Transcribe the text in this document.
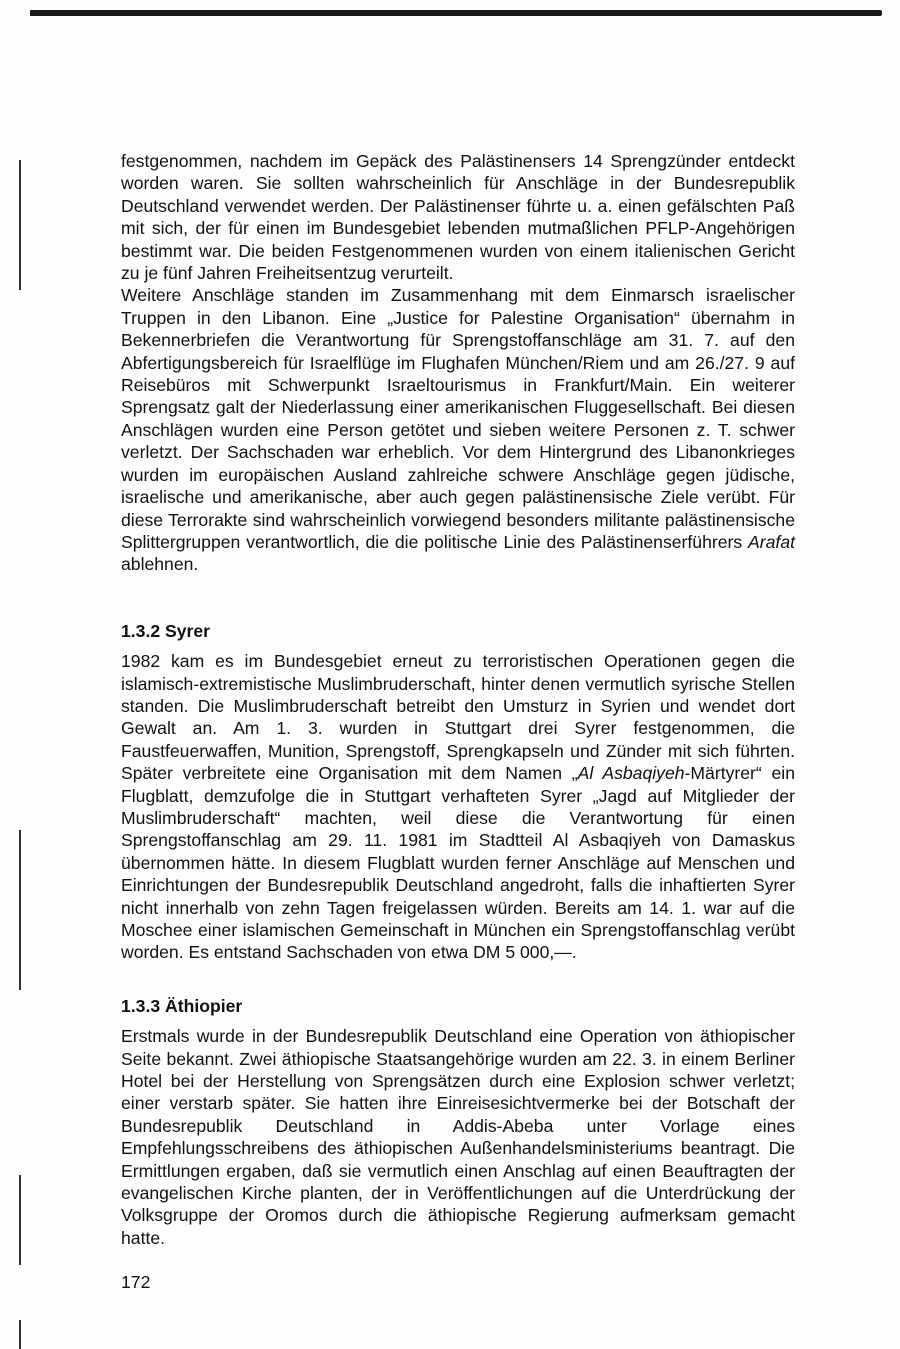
festgenommen, nachdem im Gepäck des Palästinensers 14 Sprengzünder entdeckt worden waren. Sie sollten wahrscheinlich für Anschläge in der Bundesrepublik Deutschland verwendet werden. Der Palästinenser führte u. a. einen gefälschten Paß mit sich, der für einen im Bundesgebiet lebenden mutmaßlichen PFLP-Angehörigen bestimmt war. Die beiden Festgenommenen wurden von einem italienischen Gericht zu je fünf Jahren Freiheitsentzug verurteilt.

Weitere Anschläge standen im Zusammenhang mit dem Einmarsch israelischer Truppen in den Libanon. Eine „Justice for Palestine Organisation“ übernahm in Bekennerbriefen die Verantwortung für Sprengstoffanschläge am 31. 7. auf den Abfertigungsbereich für Israelflüge im Flughafen München/Riem und am 26./27. 9 auf Reisebüros mit Schwerpunkt Israeltourismus in Frankfurt/Main. Ein weiterer Sprengsatz galt der Niederlassung einer amerikanischen Fluggesellschaft. Bei diesen Anschlägen wurden eine Person getötet und sieben weitere Personen z. T. schwer verletzt. Der Sachschaden war erheblich. Vor dem Hintergrund des Libanonkrieges wurden im europäischen Ausland zahlreiche schwere Anschläge gegen jüdische, israelische und amerikanische, aber auch gegen palästinensische Ziele verübt. Für diese Terrorakte sind wahrscheinlich vorwiegend besonders militante palästinensische Splittergruppen verantwortlich, die die politische Linie des Palästinenserführers Arafat ablehnen.

1.3.2 Syrer

1982 kam es im Bundesgebiet erneut zu terroristischen Operationen gegen die islamisch-extremistische Muslimbruderschaft, hinter denen vermutlich syrische Stellen standen. Die Muslimbruderschaft betreibt den Umsturz in Syrien und wendet dort Gewalt an. Am 1. 3. wurden in Stuttgart drei Syrer festgenommen, die Faustfeuerwaffen, Munition, Sprengstoff, Sprengkapseln und Zünder mit sich führten. Später verbreitete eine Organisation mit dem Namen „Al Asbaqiyeh-Märtyrer“ ein Flugblatt, demzufolge die in Stuttgart verhafteten Syrer „Jagd auf Mitglieder der Muslimbruderschaft“ machten, weil diese die Verantwortung für einen Sprengstoffanschlag am 29. 11. 1981 im Stadtteil Al Asbaqiyeh von Damaskus übernommen hätte. In diesem Flugblatt wurden ferner Anschläge auf Menschen und Einrichtungen der Bundesrepublik Deutschland angedroht, falls die inhaftierten Syrer nicht innerhalb von zehn Tagen freigelassen würden. Bereits am 14. 1. war auf die Moschee einer islamischen Gemeinschaft in München ein Sprengstoffanschlag verübt worden. Es entstand Sachschaden von etwa DM 5 000,—.

1.3.3 Äthiopier

Erstmals wurde in der Bundesrepublik Deutschland eine Operation von äthiopischer Seite bekannt. Zwei äthiopische Staatsangehörige wurden am 22. 3. in einem Berliner Hotel bei der Herstellung von Sprengsätzen durch eine Explosion schwer verletzt; einer verstarb später. Sie hatten ihre Einreisesichtvermerke bei der Botschaft der Bundesrepublik Deutschland in Addis-Abeba unter Vorlage eines Empfehlungsschreibens des äthiopischen Außenhandelsministeriums beantragt. Die Ermittlungen ergaben, daß sie vermutlich einen Anschlag auf einen Beauftragten der evangelischen Kirche planten, der in Veröffentlichungen auf die Unterdrückung der Volksgruppe der Oromos durch die äthiopische Regierung aufmerksam gemacht hatte.

172
